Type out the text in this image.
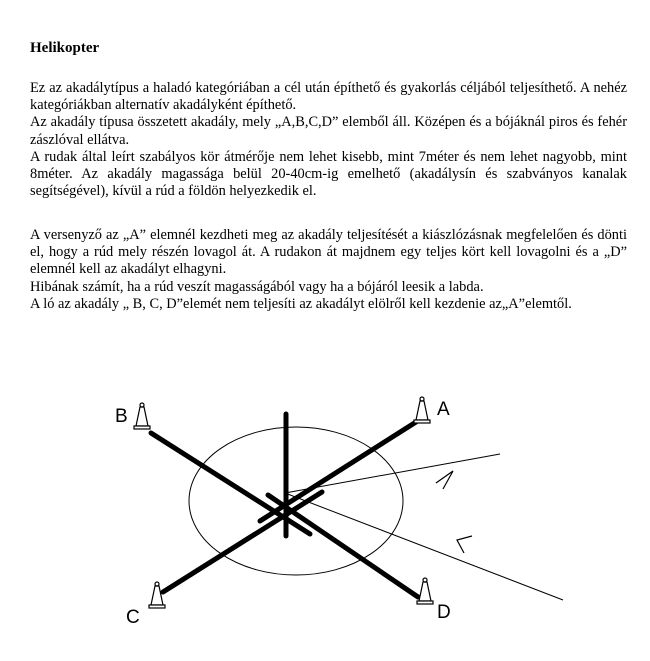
Helikopter

Ez az akadálytípus a haladó kategóriában a cél után építhető és gyakorlás céljából teljesíthető. A nehéz kategóriákban alternatív akadályként építhető.

Az akadály típusa összetett akadály, mely „A,B,C,D” elemből áll. Középen és a bójáknál piros és fehér zászlóval ellátva.

A rudak által leírt szabályos kör átmérője nem lehet kisebb, mint 7méter és nem lehet nagyobb, mint 8méter. Az akadály magassága belül 20-40cm-ig emelhető (akadálysín és szabványos kanalak segítségével), kívül a rúd a földön helyezkedik el.

A versenyző az „A” elemnél kezdheti meg az akadály teljesítését a kiászlózásnak megfelelően és dönti el, hogy a rúd mely részén lovagol át. A rudakon át majdnem egy teljes kört kell lovagolni és a „D” elemnél kell az akadályt elhagyni.

Hibának számít, ha a rúd veszít magasságából vagy ha a bójáról leesik a labda.

A ló az akadály „ B, C, D”elemét nem teljesíti az akadályt elölről kell kezdenie az„A”elemtől.

B	A
C	D
